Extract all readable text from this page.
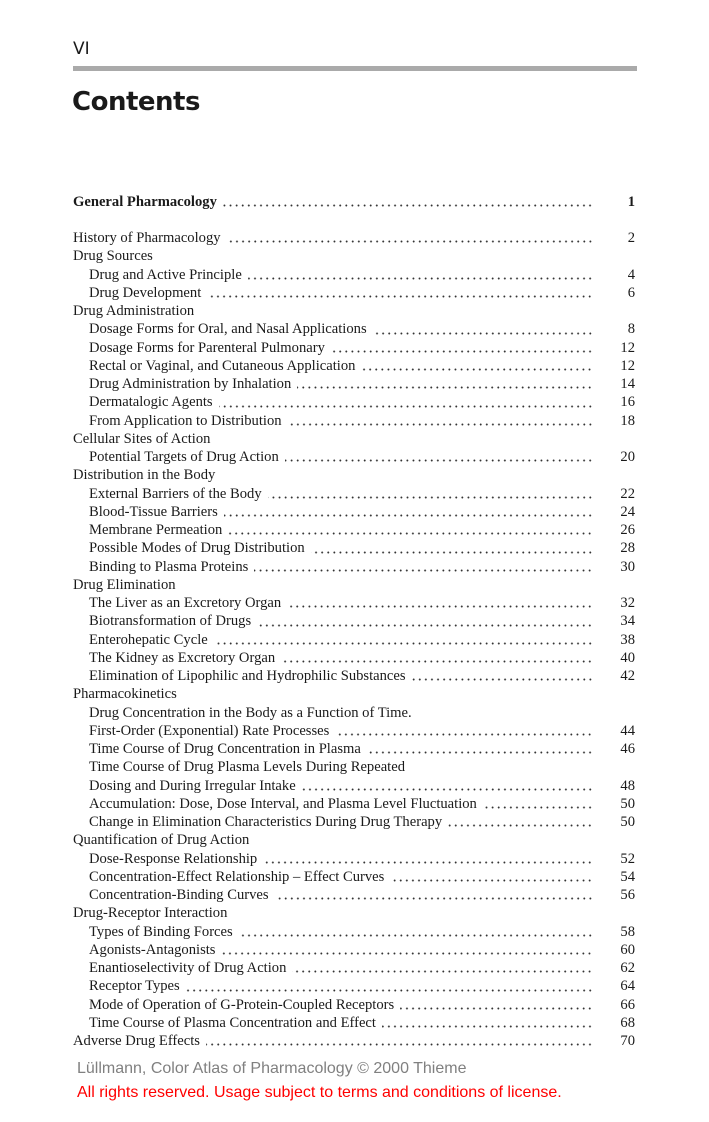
VI
Contents
General Pharmacology	1
History of Pharmacology	2
Drug Sources
Drug and Active Principle	4
Drug Development	6
Drug Administration
Dosage Forms for Oral, and Nasal Applications	8
Dosage Forms for Parenteral Pulmonary	12
Rectal or Vaginal, and Cutaneous Application	12
Drug Administration by Inhalation	14
Dermatalogic Agents	16
From Application to Distribution	18
Cellular Sites of Action
Potential Targets of Drug Action	20
Distribution in the Body
External Barriers of the Body	22
Blood-Tissue Barriers	24
Membrane Permeation	26
Possible Modes of Drug Distribution	28
Binding to Plasma Proteins	30
Drug Elimination
The Liver as an Excretory Organ	32
Biotransformation of Drugs	34
Enterohepatic Cycle	38
The Kidney as Excretory Organ	40
Elimination of Lipophilic and Hydrophilic Substances	42
Pharmacokinetics
Drug Concentration in the Body as a Function of Time.
First-Order (Exponential) Rate Processes	44
Time Course of Drug Concentration in Plasma	46
Time Course of Drug Plasma Levels During Repeated
Dosing and During Irregular Intake	48
Accumulation: Dose, Dose Interval, and Plasma Level Fluctuation	50
Change in Elimination Characteristics During Drug Therapy	50
Quantification of Drug Action
Dose-Response Relationship	52
Concentration-Effect Relationship – Effect Curves	54
Concentration-Binding Curves	56
Drug-Receptor Interaction
Types of Binding Forces	58
Agonists-Antagonists	60
Enantioselectivity of Drug Action	62
Receptor Types	64
Mode of Operation of G-Protein-Coupled Receptors	66
Time Course of Plasma Concentration and Effect	68
Adverse Drug Effects	70
Lüllmann, Color Atlas of Pharmacology © 2000 Thieme
All rights reserved. Usage subject to terms and conditions of license.
